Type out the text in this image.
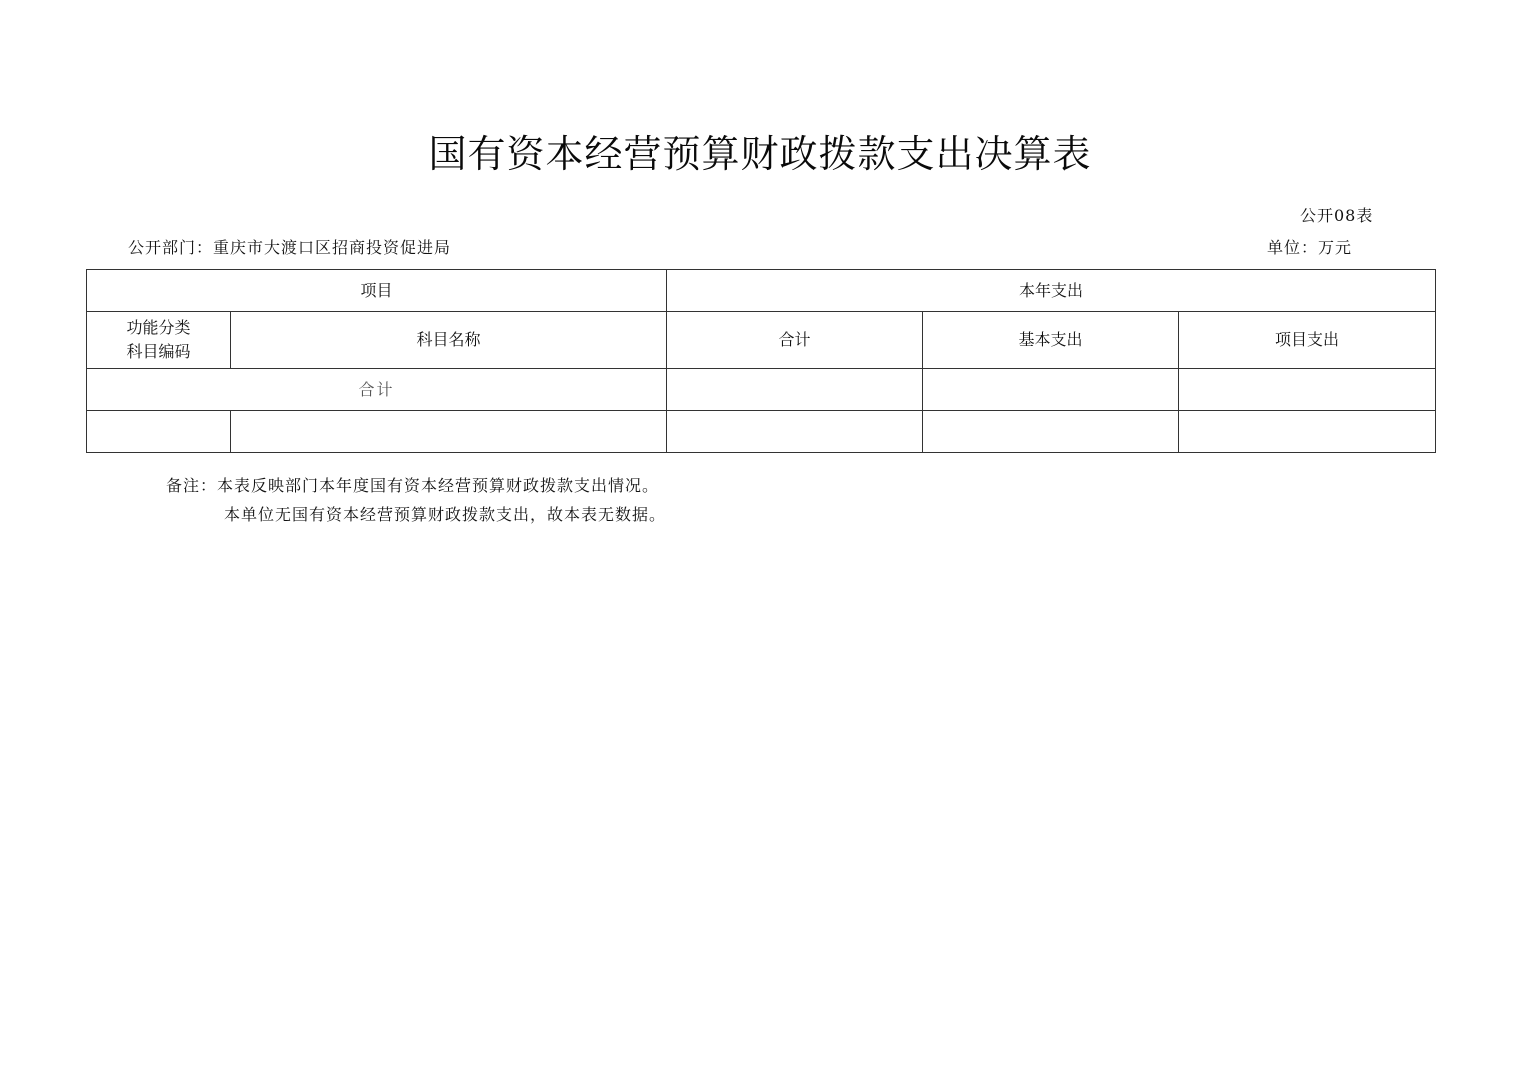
国有资本经营预算财政拨款支出决算表
公开08表
公开部门：重庆市大渡口区招商投资促进局	单位：万元
项目		本年支出		

功能分类
科目编码	科目名称	合计	基本支出	项目支出
合计				

备注：本表反映部门本年度国有资本经营预算财政拨款支出情况。
本单位无国有资本经营预算财政拨款支出，故本表无数据。
